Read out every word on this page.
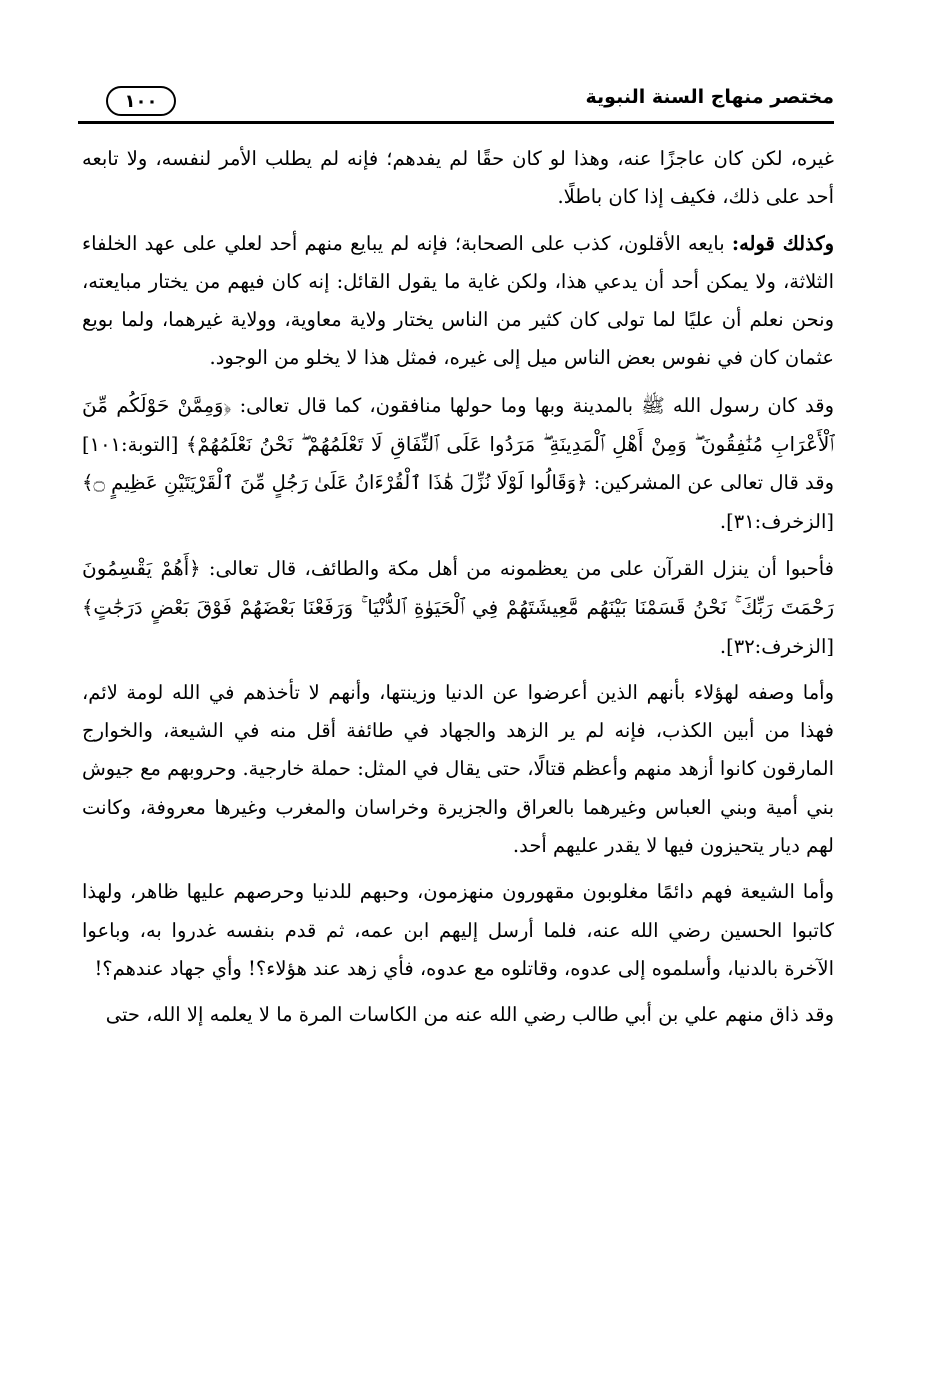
مختصر منهاج السنة النبوية
١٠٠

غيره، لكن كان عاجزًا عنه، وهذا لو كان حقًا لم يفدهم؛ فإنه لم يطلب الأمر لنفسه، ولا تابعه أحد على ذلك، فكيف إذا كان باطلًا.

وكذلك قوله: بايعه الأقلون، كذب على الصحابة؛ فإنه لم يبايع منهم أحد لعلي على عهد الخلفاء الثلاثة، ولا يمكن أحد أن يدعي هذا، ولكن غاية ما يقول القائل: إنه كان فيهم من يختار مبايعته، ونحن نعلم أن عليًا لما تولى كان كثير من الناس يختار ولاية معاوية، وولاية غيرهما، ولما بويع عثمان كان في نفوس بعض الناس ميل إلى غيره، فمثل هذا لا يخلو من الوجود.

وقد كان رسول الله ﷺ بالمدينة وبها وما حولها منافقون، كما قال تعالى: ﴿وَمِمَّنْ حَوْلَكُم مِّنَ ٱلْأَعْرَابِ مُنَٰفِقُونَ ۖ وَمِنْ أَهْلِ ٱلْمَدِينَةِ ۖ مَرَدُوا عَلَى ٱلنِّفَاقِ لَا تَعْلَمُهُمْ ۖ نَحْنُ نَعْلَمُهُمْ﴾ [التوبة:١٠١] وقد قال تعالى عن المشركين: ﴿وَقَالُوا لَوْلَا نُزِّلَ هَٰذَا ٱلْقُرْءَانُ عَلَىٰ رَجُلٍ مِّنَ ٱلْقَرْيَتَيْنِ عَظِيمٍ ۝﴾ [الزخرف:٣١].

فأحبوا أن ينزل القرآن على من يعظمونه من أهل مكة والطائف، قال تعالى: ﴿أَهُمْ يَقْسِمُونَ رَحْمَتَ رَبِّكَ ۚ نَحْنُ قَسَمْنَا بَيْنَهُم مَّعِيشَتَهُمْ فِي ٱلْحَيَوٰةِ ٱلدُّنْيَا ۚ وَرَفَعْنَا بَعْضَهُمْ فَوْقَ بَعْضٍ دَرَجَٰتٍ﴾ [الزخرف:٣٢].

وأما وصفه لهؤلاء بأنهم الذين أعرضوا عن الدنيا وزينتها، وأنهم لا تأخذهم في الله لومة لائم، فهذا من أبين الكذب، فإنه لم ير الزهد والجهاد في طائفة أقل منه في الشيعة، والخوارج المارقون كانوا أزهد منهم وأعظم قتالًا، حتى يقال في المثل: حملة خارجية. وحروبهم مع جيوش بني أمية وبني العباس وغيرهما بالعراق والجزيرة وخراسان والمغرب وغيرها معروفة، وكانت لهم ديار يتحيزون فيها لا يقدر عليهم أحد.

وأما الشيعة فهم دائمًا مغلوبون مقهورون منهزمون، وحبهم للدنيا وحرصهم عليها ظاهر، ولهذا كاتبوا الحسين رضي الله عنه، فلما أرسل إليهم ابن عمه، ثم قدم بنفسه غدروا به، وباعوا الآخرة بالدنيا، وأسلموه إلى عدوه، وقاتلوه مع عدوه، فأي زهد عند هؤلاء؟! وأي جهاد عندهم؟!

وقد ذاق منهم علي بن أبي طالب رضي الله عنه من الكاسات المرة ما لا يعلمه إلا الله، حتى
